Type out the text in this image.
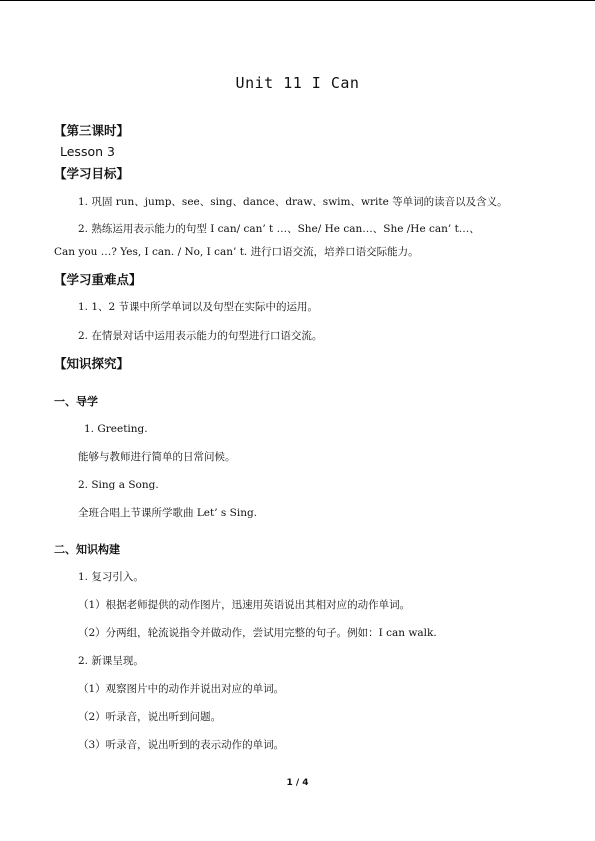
Unit 11 I Can
【第三课时】
Lesson 3
【学习目标】
1. 巩固 run、jump、see、sing、dance、draw、swim、write 等单词的读音以及含义。
2. 熟练运用表示能力的句型 I can/ can’ t …、She/ He can…、She /He can’ t…、
Can you …? Yes, I can. / No, I can’ t. 进行口语交流，培养口语交际能力。
【学习重难点】
1. 1、2 节课中所学单词以及句型在实际中的运用。
2. 在情景对话中运用表示能力的句型进行口语交流。
【知识探究】
一、导学
1. Greeting.
能够与教师进行简单的日常问候。
2. Sing a Song.
全班合唱上节课所学歌曲 Let’ s Sing.
二、知识构建
1. 复习引入。
（1）根据老师提供的动作图片，迅速用英语说出其相对应的动作单词。
（2）分两组，轮流说指令并做动作，尝试用完整的句子。例如：I can walk.
2. 新课呈现。
（1）观察图片中的动作并说出对应的单词。
（2）听录音，说出听到问题。
（3）听录音，说出听到的表示动作的单词。
1 / 4
